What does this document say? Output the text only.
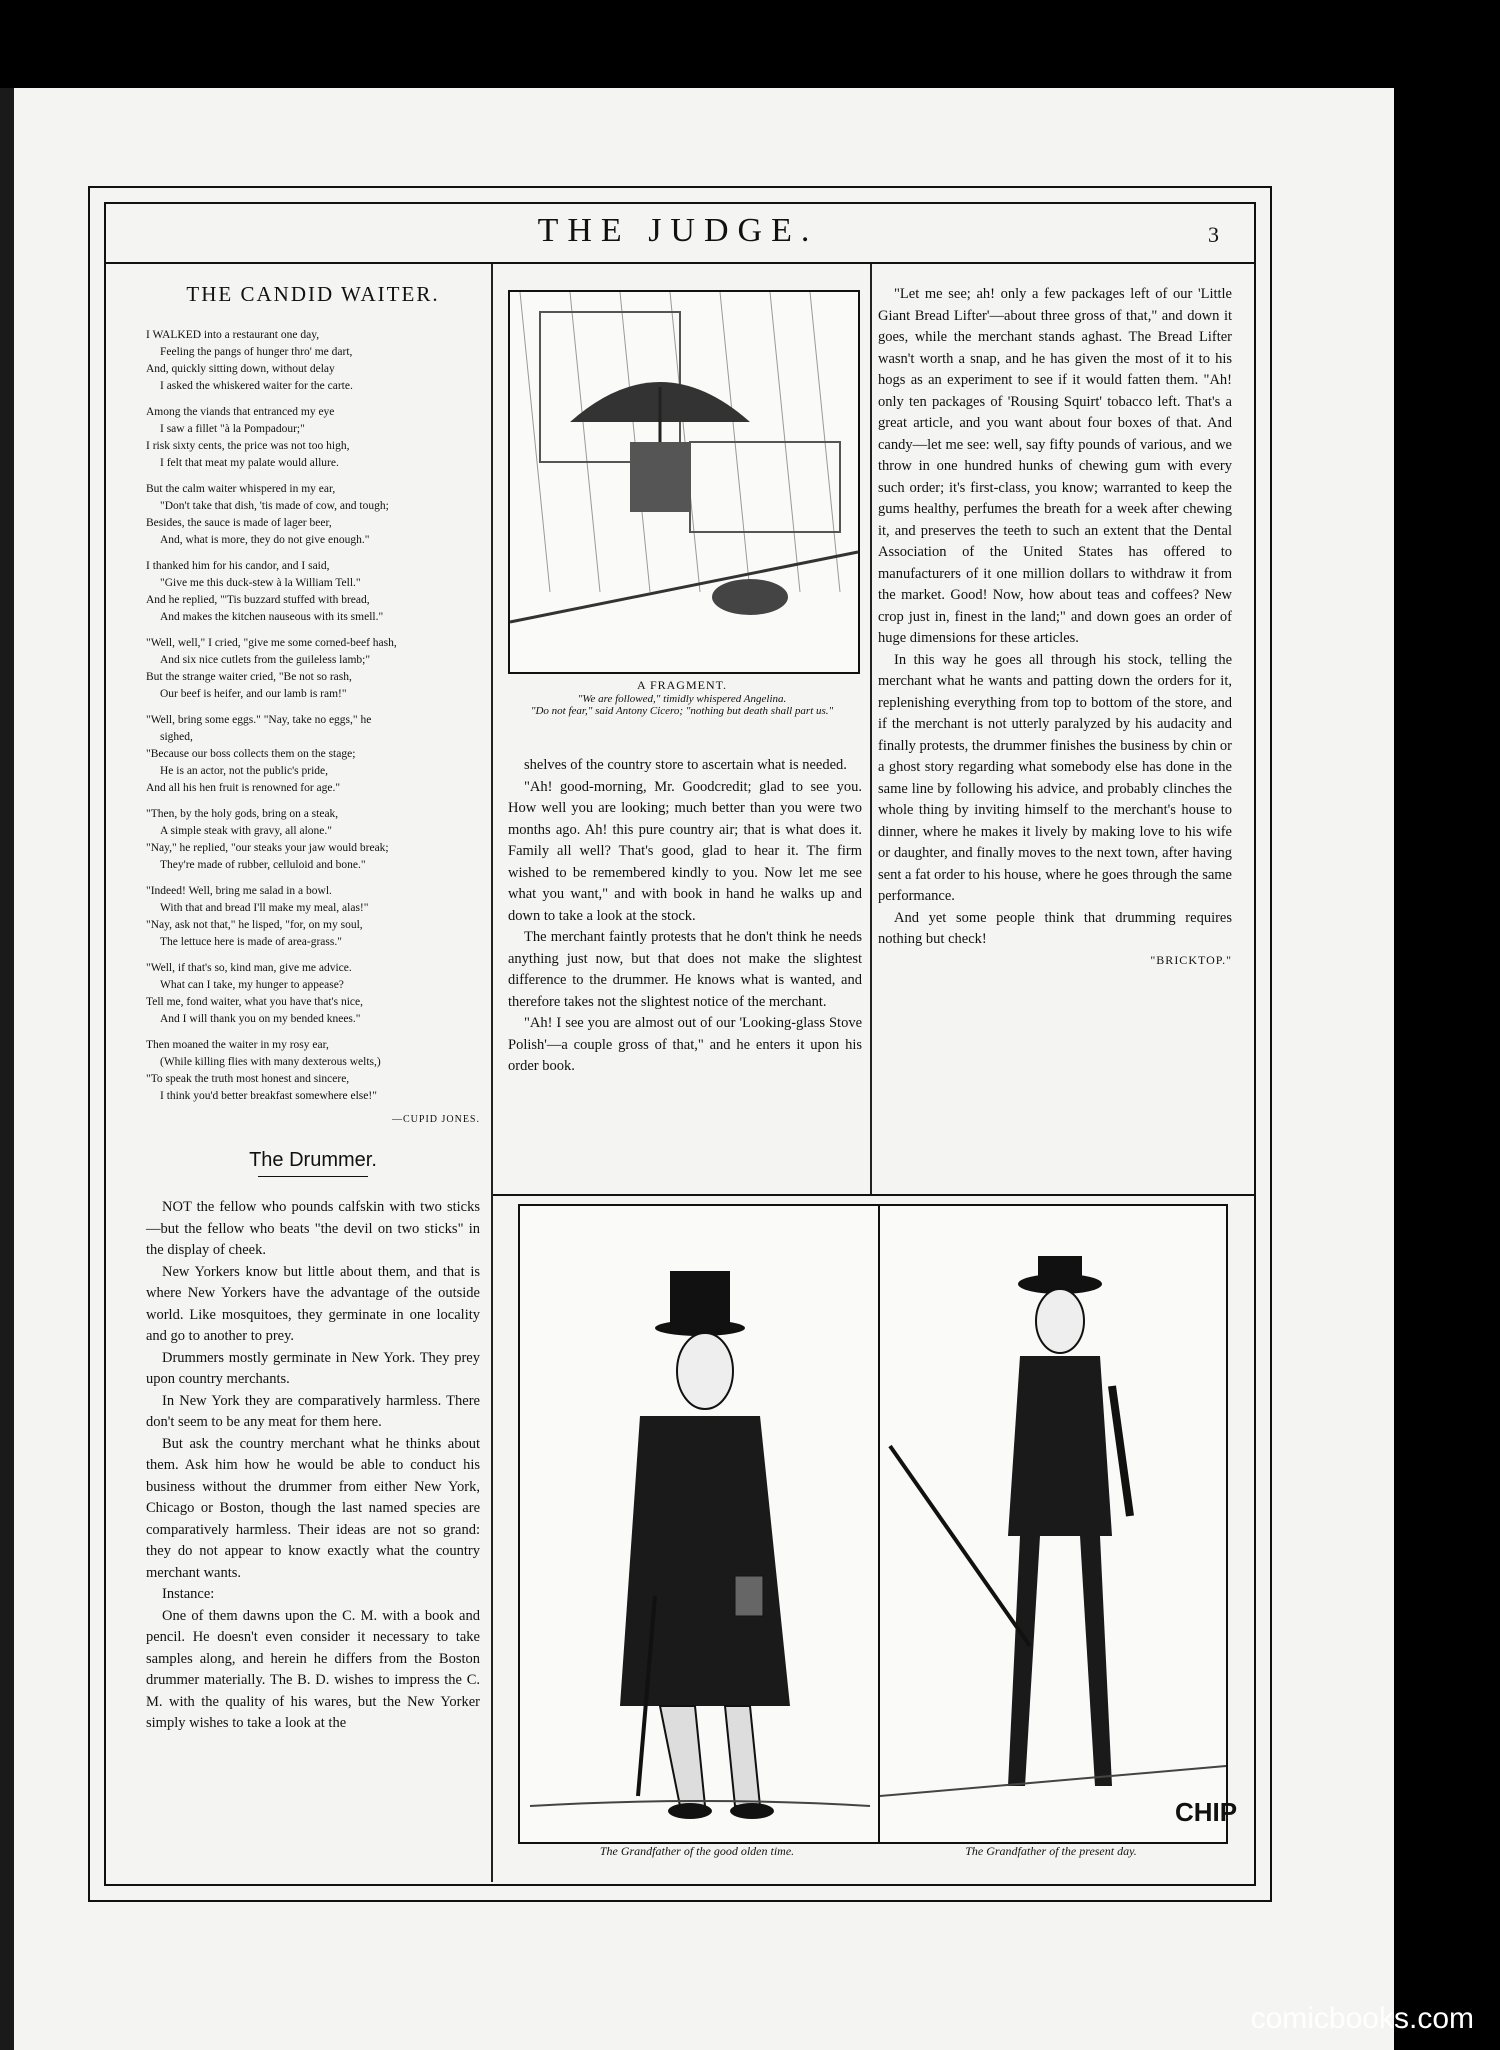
THE JUDGE.	3
THE CANDID WAITER.
I WALKED into a restaurant one day,
Feeling the pangs of hunger thro' me dart,
And, quickly sitting down, without delay
I asked the whiskered waiter for the carte.
Among the viands that entranced my eye
I saw a fillet "à la Pompadour;"
I risk sixty cents, the price was not too high,
I felt that meat my palate would allure.
But the calm waiter whispered in my ear,
"Don't take that dish, 'tis made of cow, and tough;
Besides, the sauce is made of lager beer,
And, what is more, they do not give enough."
I thanked him for his candor, and I said,
"Give me this duck-stew à la William Tell."
And he replied, "'Tis buzzard stuffed with bread,
And makes the kitchen nauseous with its smell."
"Well, well," I cried, "give me some corned-beef hash,
And six nice cutlets from the guileless lamb;"
But the strange waiter cried, "Be not so rash,
Our beef is heifer, and our lamb is ram!"
"Well, bring some eggs." "Nay, take no eggs," he
sighed,
"Because our boss collects them on the stage;
He is an actor, not the public's pride,
And all his hen fruit is renowned for age."
"Then, by the holy gods, bring on a steak,
A simple steak with gravy, all alone."
"Nay," he replied, "our steaks your jaw would break;
They're made of rubber, celluloid and bone."
"Indeed! Well, bring me salad in a bowl.
With that and bread I'll make my meal, alas!"
"Nay, ask not that," he lisped, "for, on my soul,
The lettuce here is made of area-grass."
"Well, if that's so, kind man, give me advice.
What can I take, my hunger to appease?
Tell me, fond waiter, what you have that's nice,
And I will thank you on my bended knees."
Then moaned the waiter in my rosy ear,
(While killing flies with many dexterous welts,)
"To speak the truth most honest and sincere,
I think you'd better breakfast somewhere else!"
—CUPID JONES.
The Drummer.

NOT the fellow who pounds calfskin with two sticks—but the fellow who beats "the devil on two sticks" in the display of cheek.

New Yorkers know but little about them, and that is where New Yorkers have the advantage of the outside world. Like mosquitoes, they germinate in one locality and go to another to prey.

Drummers mostly germinate in New York. They prey upon country merchants.

In New York they are comparatively harmless. There don't seem to be any meat for them here.

But ask the country merchant what he thinks about them. Ask him how he would be able to conduct his business without the drummer from either New York, Chicago or Boston, though the last named species are comparatively harmless. Their ideas are not so grand: they do not appear to know exactly what the country merchant wants.

Instance:

One of them dawns upon the C. M. with a book and pencil. He doesn't even consider it necessary to take samples along, and herein he differs from the Boston drummer materially. The B. D. wishes to impress the C. M. with the quality of his wares, but the New Yorker simply wishes to take a look at the

A FRAGMENT.
"We are followed," timidly whispered Angelina.
"Do not fear," said Antony Cicero; "nothing but death shall part us."

shelves of the country store to ascertain what is needed.

"Ah! good-morning, Mr. Goodcredit; glad to see you. How well you are looking; much better than you were two months ago. Ah! this pure country air; that is what does it. Family all well? That's good, glad to hear it. The firm wished to be remembered kindly to you. Now let me see what you want," and with book in hand he walks up and down to take a look at the stock.

The merchant faintly protests that he don't think he needs anything just now, but that does not make the slightest difference to the drummer. He knows what is wanted, and therefore takes not the slightest notice of the merchant.

"Ah! I see you are almost out of our 'Looking-glass Stove Polish'—a couple gross of that," and he enters it upon his order book.

"Let me see; ah! only a few packages left of our 'Little Giant Bread Lifter'—about three gross of that," and down it goes, while the merchant stands aghast. The Bread Lifter wasn't worth a snap, and he has given the most of it to his hogs as an experiment to see if it would fatten them. "Ah! only ten packages of 'Rousing Squirt' tobacco left. That's a great article, and you want about four boxes of that. And candy—let me see: well, say fifty pounds of various, and we throw in one hundred hunks of chewing gum with every such order; it's first-class, you know; warranted to keep the gums healthy, perfumes the breath for a week after chewing it, and preserves the teeth to such an extent that the Dental Association of the United States has offered to manufacturers of it one million dollars to withdraw it from the market. Good! Now, how about teas and coffees? New crop just in, finest in the land;" and down goes an order of huge dimensions for these articles.

In this way he goes all through his stock, telling the merchant what he wants and patting down the orders for it, replenishing everything from top to bottom of the store, and if the merchant is not utterly paralyzed by his audacity and finally protests, the drummer finishes the business by chin or a ghost story regarding what somebody else has done in the same line by following his advice, and probably clinches the whole thing by inviting himself to the merchant's house to dinner, where he makes it lively by making love to his wife or daughter, and finally moves to the next town, after having sent a fat order to his house, where he goes through the same performance.

And yet some people think that drumming requires nothing but check!

"BRICKTOP."
CHIP
The Grandfather of the good olden time.	The Grandfather of the present day.
comicbooks.com
